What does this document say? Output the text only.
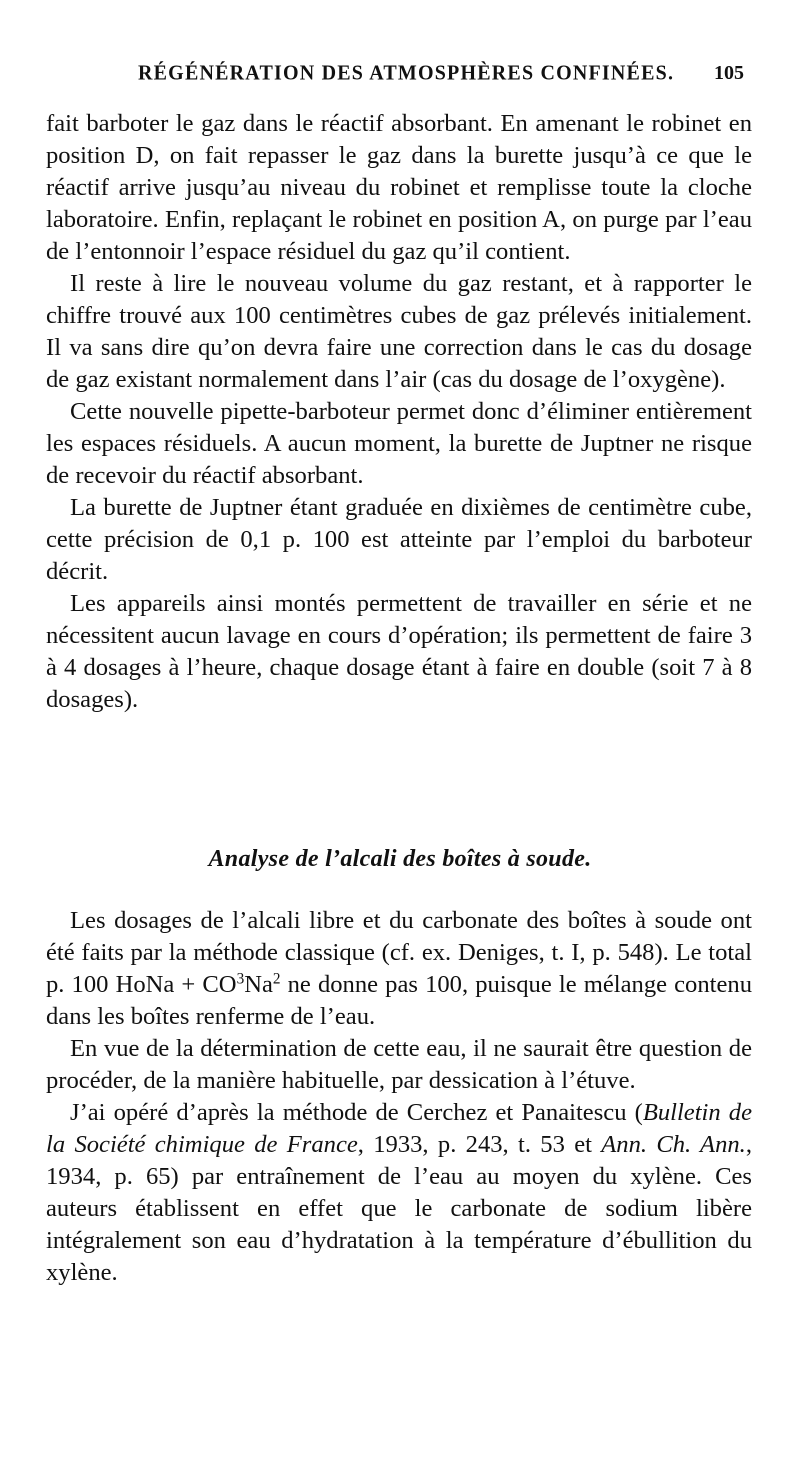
RÉGÉNÉRATION DES ATMOSPHÈRES CONFINÉES. 105

fait barboter le gaz dans le réactif absorbant. En amenant le robinet en position D, on fait repasser le gaz dans la burette jusqu’à ce que le réactif arrive jusqu’au niveau du robinet et remplisse toute la cloche laboratoire. Enfin, replaçant le robinet en position A, on purge par l’eau de l’entonnoir l’espace résiduel du gaz qu’il contient.

Il reste à lire le nouveau volume du gaz restant, et à rapporter le chiffre trouvé aux 100 centimètres cubes de gaz prélevés initialement. Il va sans dire qu’on devra faire une correction dans le cas du dosage de gaz existant normalement dans l’air (cas du dosage de l’oxygène).

Cette nouvelle pipette-barboteur permet donc d’éliminer entièrement les espaces résiduels. A aucun moment, la burette de Juptner ne risque de recevoir du réactif absorbant.

La burette de Juptner étant graduée en dixièmes de centimètre cube, cette précision de 0,1 p. 100 est atteinte par l’emploi du barboteur décrit.

Les appareils ainsi montés permettent de travailler en série et ne nécessitent aucun lavage en cours d’opération; ils permettent de faire 3 à 4 dosages à l’heure, chaque dosage étant à faire en double (soit 7 à 8 dosages).

Analyse de l’alcali des boîtes à soude.

Les dosages de l’alcali libre et du carbonate des boîtes à soude ont été faits par la méthode classique (cf. ex. Deniges, t. I, p. 548). Le total p. 100 HoNa + $CO^3Na^2$ ne donne pas 100, puisque le mélange contenu dans les boîtes renferme de l’eau.

En vue de la détermination de cette eau, il ne saurait être question de procéder, de la manière habituelle, par dessication à l’étuve.

J’ai opéré d’après la méthode de Cerchez et Panaitescu (Bulletin de la Société chimique de France, 1933, p. 243, t. 53 et Ann. Ch. Ann., 1934, p. 65) par entraînement de l’eau au moyen du xylène. Ces auteurs établissent en effet que le carbonate de sodium libère intégralement son eau d’hydratation à la température d’ébullition du xylène.
